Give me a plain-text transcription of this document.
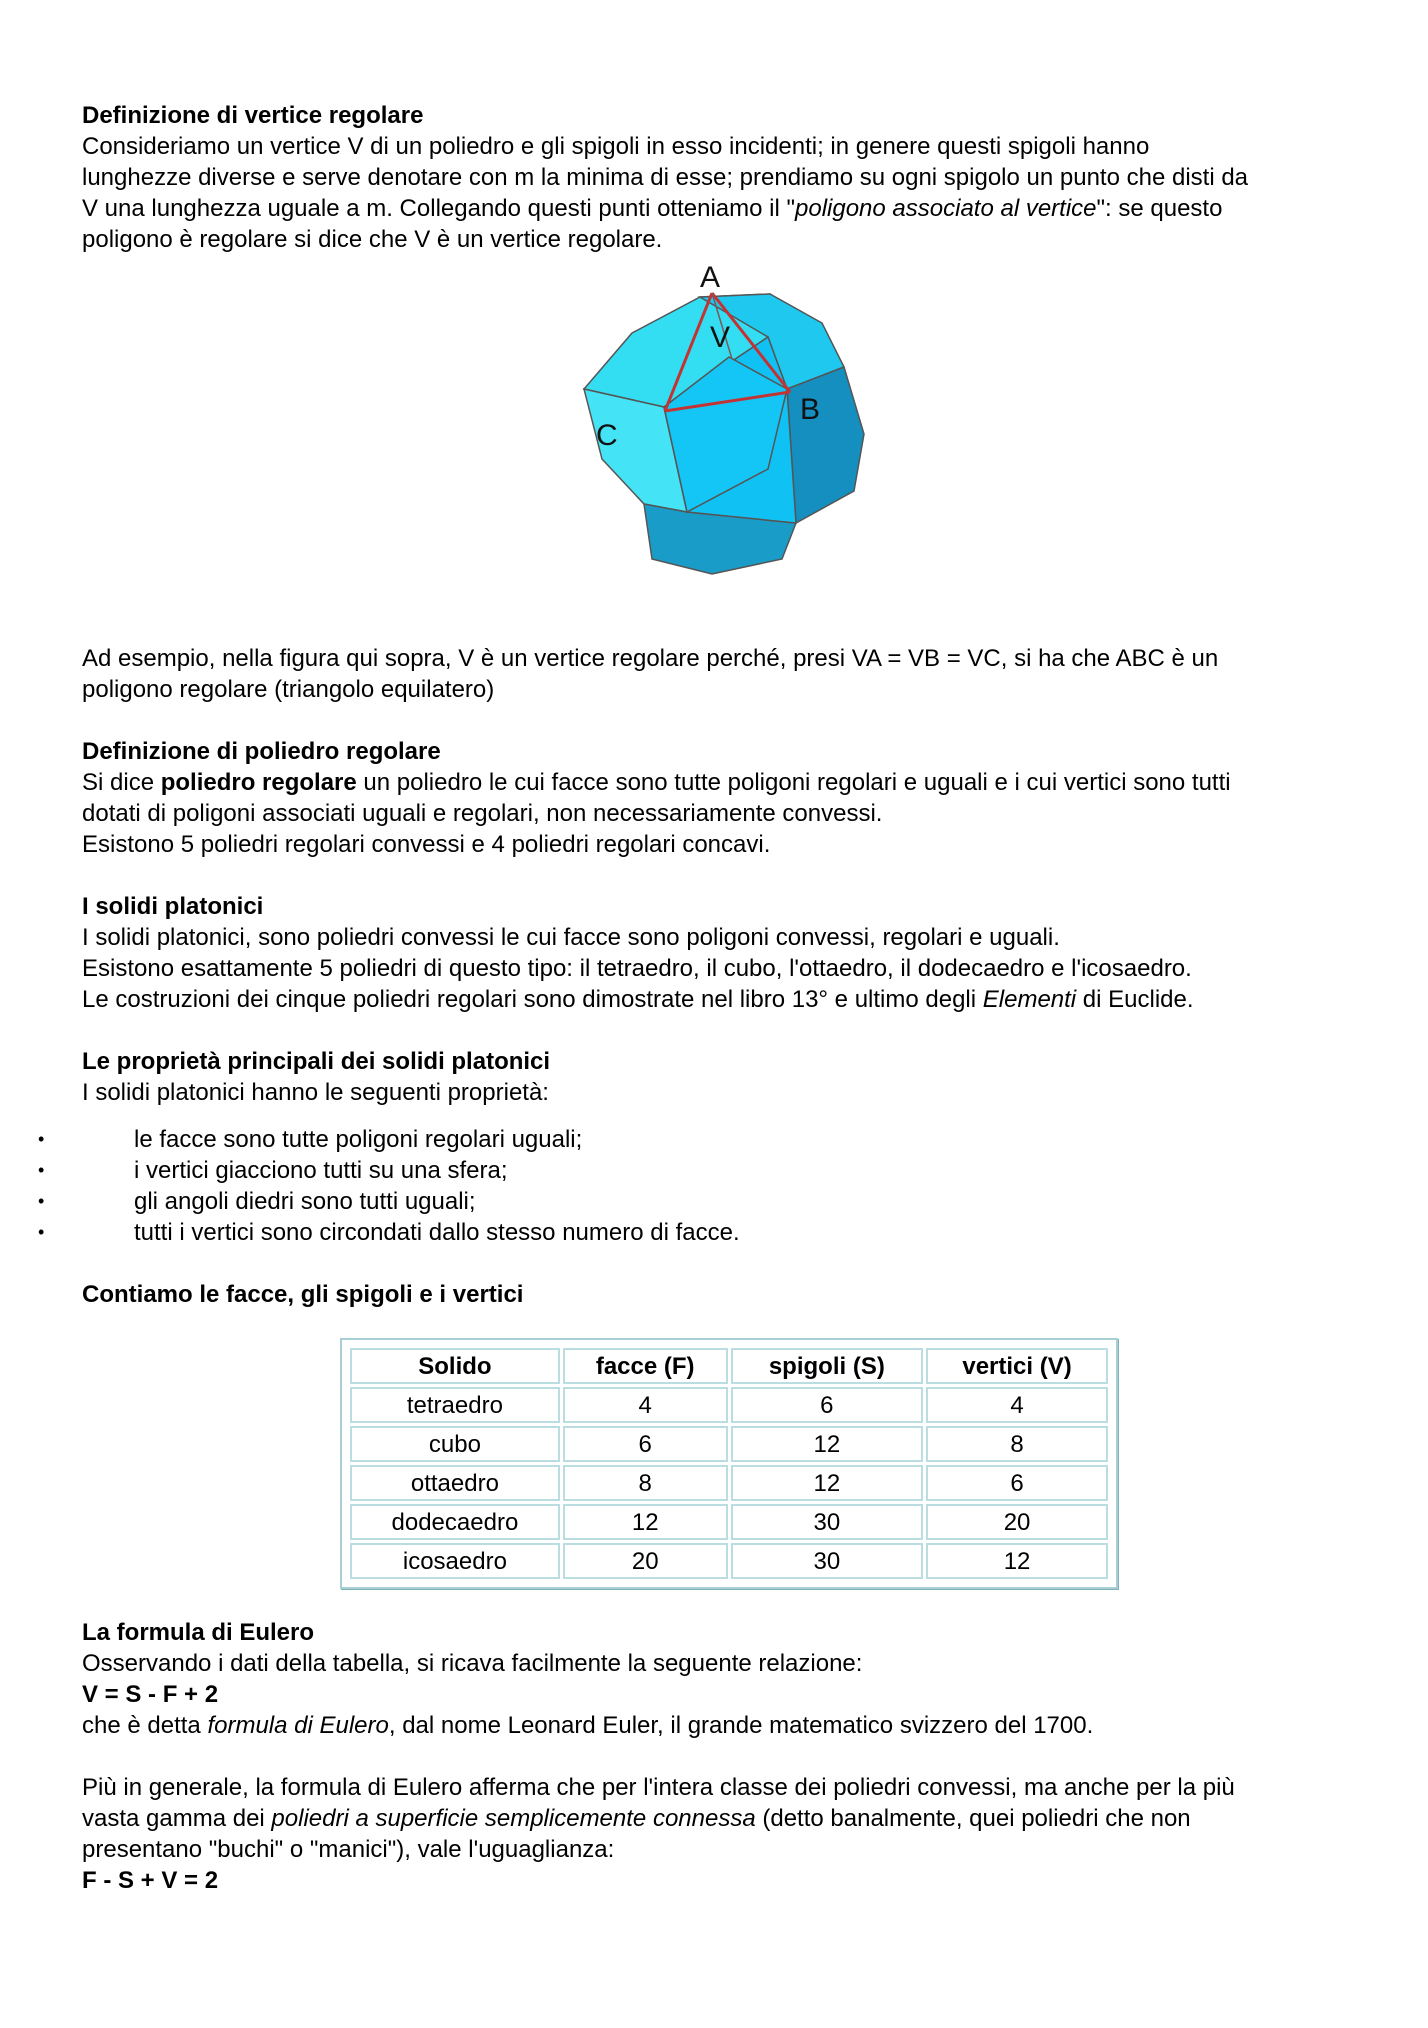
Definizione di vertice regolare

Consideriamo un vertice V di un poliedro e gli spigoli in esso incidenti; in genere questi spigoli hanno

lunghezze diverse e serve denotare con m la minima di esse; prendiamo su ogni spigolo un punto che disti da

V una lunghezza uguale a m. Collegando questi punti otteniamo il "poligono associato al vertice": se questo

poligono è regolare si dice che V è un vertice regolare.

A
V
B
C

Ad esempio, nella figura qui sopra, V è un vertice regolare perché, presi VA = VB = VC, si ha che ABC è un

poligono regolare (triangolo equilatero)

Definizione di poliedro regolare

Si dice poliedro regolare un poliedro le cui facce sono tutte poligoni regolari e uguali e i cui vertici sono tutti

dotati di poligoni associati uguali e regolari, non necessariamente convessi.

Esistono 5 poliedri regolari convessi e 4 poliedri regolari concavi.

I solidi platonici

I solidi platonici, sono poliedri convessi le cui facce sono poligoni convessi, regolari e uguali.

Esistono esattamente 5 poliedri di questo tipo: il tetraedro, il cubo, l'ottaedro, il dodecaedro e l'icosaedro.

Le costruzioni dei cinque poliedri regolari sono dimostrate nel libro 13° e ultimo degli Elementi di Euclide.

Le proprietà principali dei solidi platonici

I solidi platonici hanno le seguenti proprietà:

•	le facce sono tutte poligoni regolari uguali;
•	i vertici giacciono tutti su una sfera;
•	gli angoli diedri sono tutti uguali;
•	tutti i vertici sono circondati dallo stesso numero di facce.

Contiamo le facce, gli spigoli e i vertici

Solido	facce (F)	spigoli (S)	vertici (V)
tetraedro	4	6	4
cubo	6	12	8
ottaedro	8	12	6
dodecaedro	12	30	20
icosaedro	20	30	12

La formula di Eulero

Osservando i dati della tabella, si ricava facilmente la seguente relazione:

V = S - F + 2

che è detta formula di Eulero, dal nome Leonard Euler, il grande matematico svizzero del 1700.

Più in generale, la formula di Eulero afferma che per l'intera classe dei poliedri convessi, ma anche per la più

vasta gamma dei poliedri a superficie semplicemente connessa (detto banalmente, quei poliedri che non

presentano "buchi" o "manici"), vale l'uguaglianza:

F - S + V = 2
